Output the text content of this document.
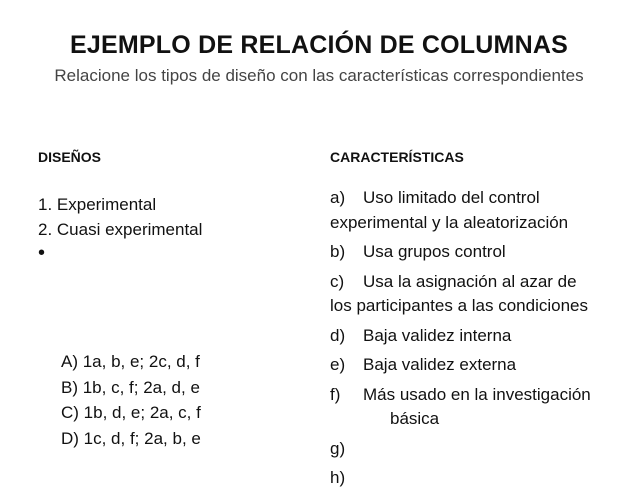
EJEMPLO DE RELACIÓN DE COLUMNAS
Relacione los tipos de diseño con las características correspondientes
DISEÑOS	CARACTERÍSTICAS
1. Experimental
2. Cuasi experimental
•
A) 1a, b, e; 2c, d, f
B) 1b, c, f; 2a, d, e
C) 1b, d, e; 2a, c, f
D) 1c, d, f; 2a, b, e
a) Uso limitado del control
experimental y la aleatorización
b) Usa grupos control
c) Usa la asignación al azar de
los participantes a las condiciones
d) Baja validez interna
e) Baja validez externa
f) Más usado en la investigación
básica
g)
h)
